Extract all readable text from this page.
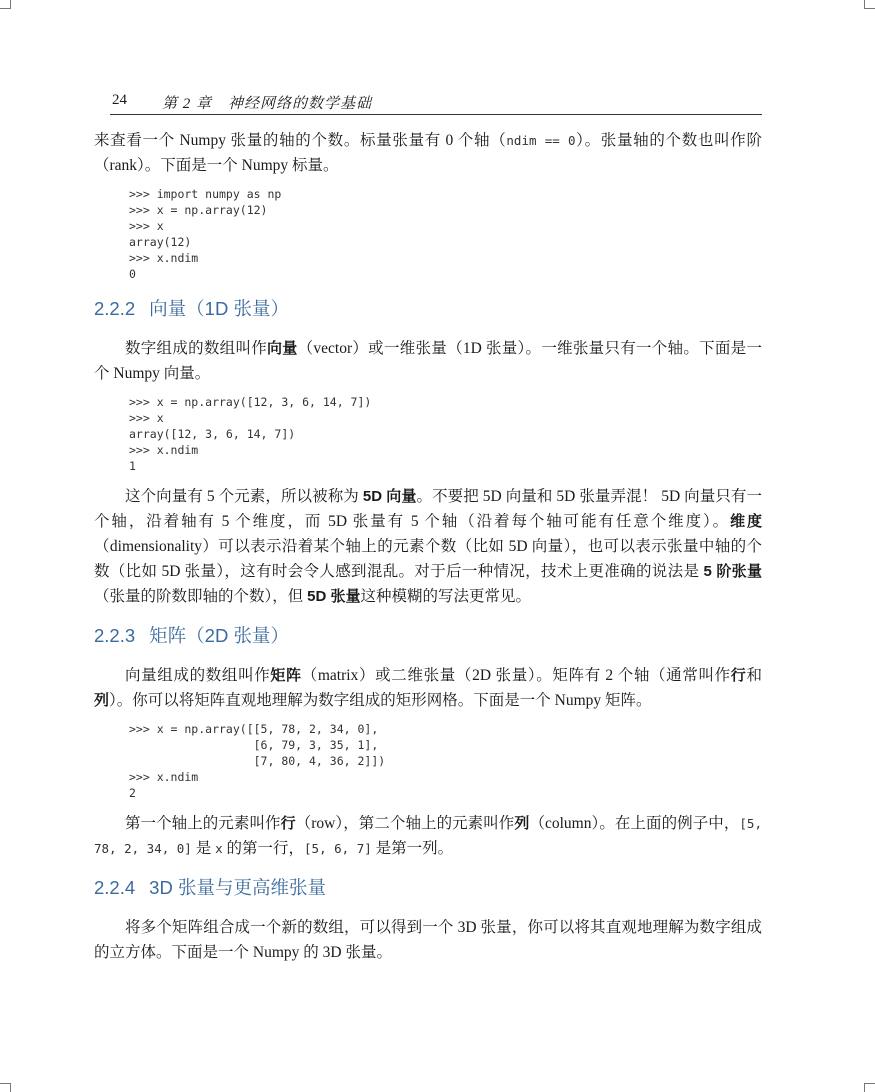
24 第 2 章　神经网络的数学基础

来查看一个 Numpy 张量的轴的个数。标量张量有 0 个轴（ndim == 0）。张量轴的个数也叫作阶（rank）。下面是一个 Numpy 标量。

>>> import numpy as np
>>> x = np.array(12)
>>> x
array(12)
>>> x.ndim
0
2.2.2 向量（1D 张量）

数字组成的数组叫作向量（vector）或一维张量（1D 张量）。一维张量只有一个轴。下面是一个 Numpy 向量。

>>> x = np.array([12, 3, 6, 14, 7])
>>> x
array([12, 3, 6, 14, 7])
>>> x.ndim
1

这个向量有 5 个元素，所以被称为 5D 向量。不要把 5D 向量和 5D 张量弄混！ 5D 向量只有一个轴，沿着轴有 5 个维度，而 5D 张量有 5 个轴（沿着每个轴可能有任意个维度）。维度（dimensionality）可以表示沿着某个轴上的元素个数（比如 5D 向量），也可以表示张量中轴的个数（比如 5D 张量），这有时会令人感到混乱。对于后一种情况，技术上更准确的说法是 5 阶张量（张量的阶数即轴的个数），但 5D 张量这种模糊的写法更常见。

2.2.3 矩阵（2D 张量）

向量组成的数组叫作矩阵（matrix）或二维张量（2D 张量）。矩阵有 2 个轴（通常叫作行和列）。你可以将矩阵直观地理解为数字组成的矩形网格。下面是一个 Numpy 矩阵。

>>> x = np.array([[5, 78, 2, 34, 0],
[6, 79, 3, 35, 1],
[7, 80, 4, 36, 2]])
>>> x.ndim
2

第一个轴上的元素叫作行（row），第二个轴上的元素叫作列（column）。在上面的例子中，[5, 78, 2, 34, 0] 是 x 的第一行，[5, 6, 7] 是第一列。

2.2.4 3D 张量与更高维张量

将多个矩阵组合成一个新的数组，可以得到一个 3D 张量，你可以将其直观地理解为数字组成的立方体。下面是一个 Numpy 的 3D 张量。
